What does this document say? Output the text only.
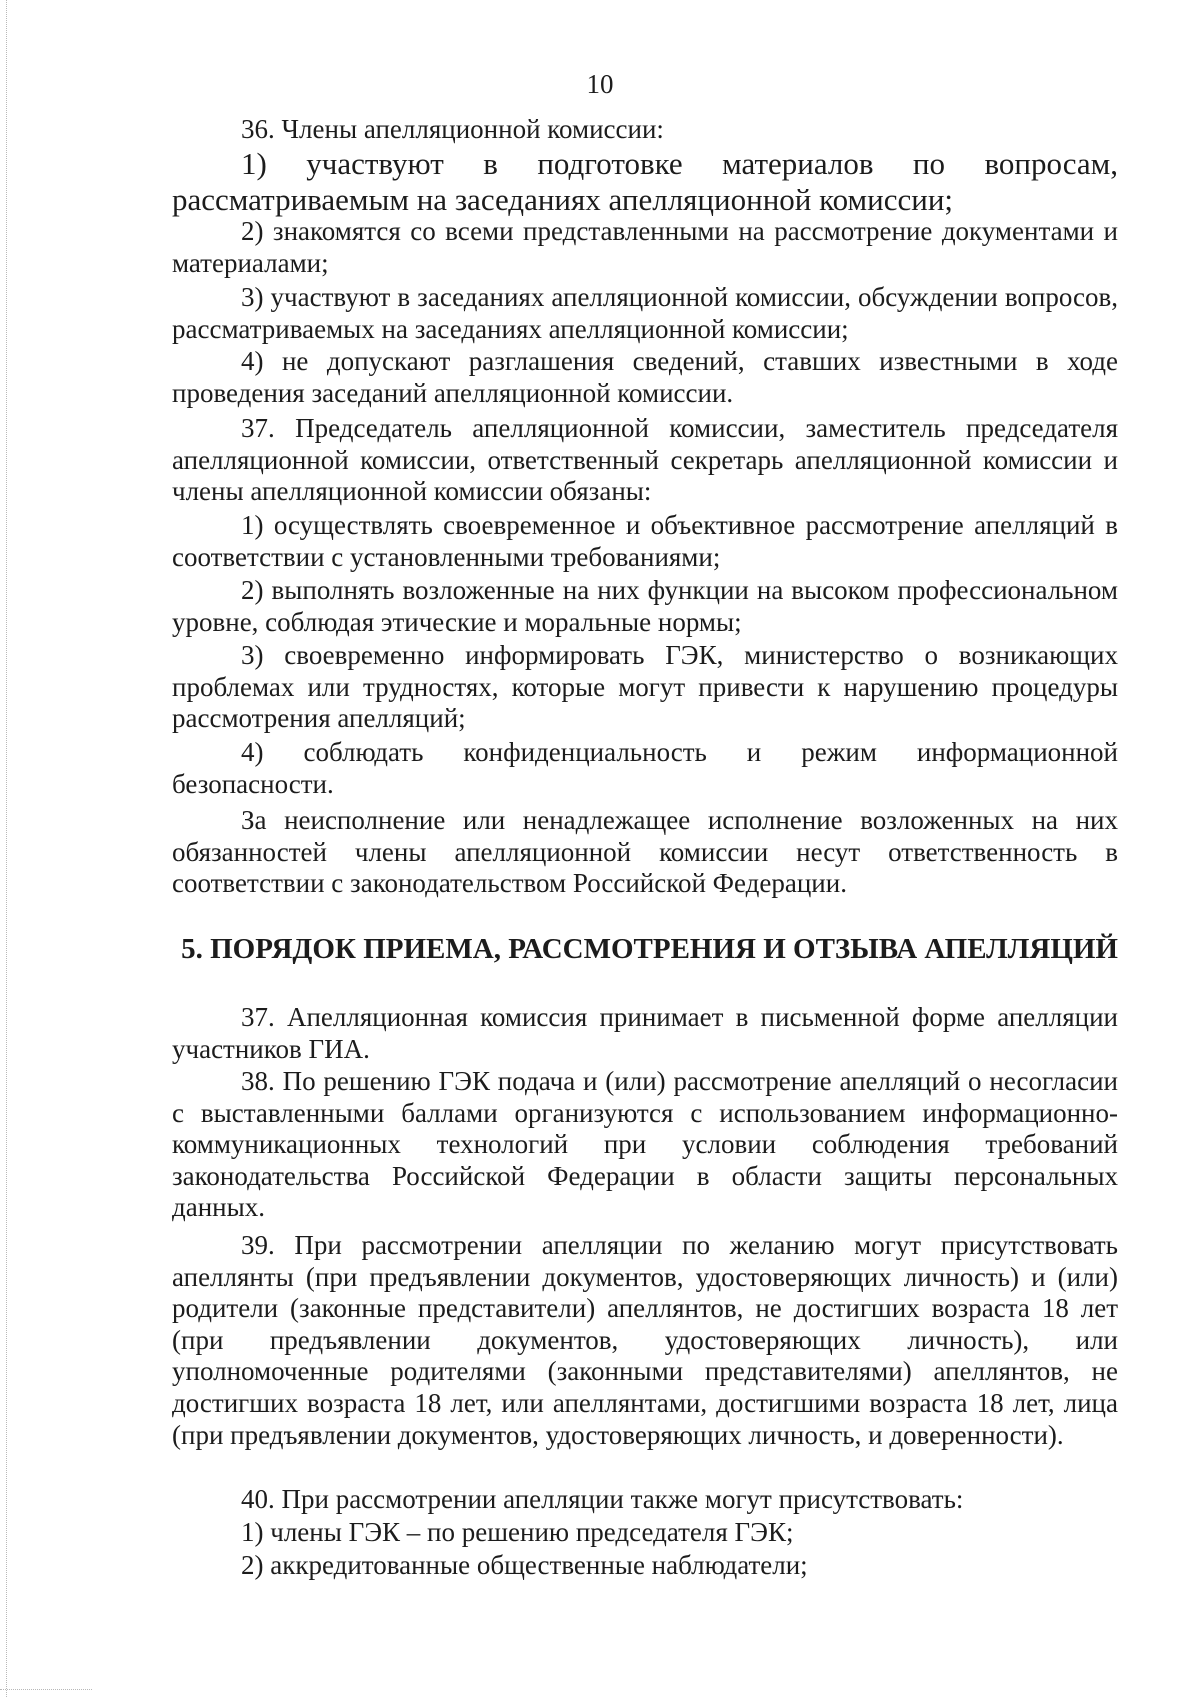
10

36. Члены апелляционной комиссии:

1) участвуют в подготовке материалов по вопросам, рассматриваемым на заседаниях апелляционной комиссии;

2) знакомятся со всеми представленными на рассмотрение документами и материалами;

3) участвуют в заседаниях апелляционной комиссии, обсуждении вопросов, рассматриваемых на заседаниях апелляционной комиссии;

4) не допускают разглашения сведений, ставших известными в ходе проведения заседаний апелляционной комиссии.

37. Председатель апелляционной комиссии, заместитель председателя апелляционной комиссии, ответственный секретарь апелляционной комиссии и члены апелляционной комиссии обязаны:

1) осуществлять своевременное и объективное рассмотрение апелляций в соответствии с установленными требованиями;

2) выполнять возложенные на них функции на высоком профессиональном уровне, соблюдая этические и моральные нормы;

3) своевременно информировать ГЭК, министерство о возникающих проблемах или трудностях, которые могут привести к нарушению процедуры рассмотрения апелляций;

4) соблюдать конфиденциальность и режим информационной безопасности.

За неисполнение или ненадлежащее исполнение возложенных на них обязанностей члены апелляционной комиссии несут ответственность в соответствии с законодательством Российской Федерации.

5. ПОРЯДОК ПРИЕМА, РАССМОТРЕНИЯ И ОТЗЫВА АПЕЛЛЯЦИЙ

37. Апелляционная комиссия принимает в письменной форме апелляции участников ГИА.

38. По решению ГЭК подача и (или) рассмотрение апелляций о несогласии с выставленными баллами организуются с использованием информационно-коммуникационных технологий при условии соблюдения требований законодательства Российской Федерации в области защиты персональных данных.

39. При рассмотрении апелляции по желанию могут присутствовать апеллянты (при предъявлении документов, удостоверяющих личность) и (или) родители (законные представители) апеллянтов, не достигших возраста 18 лет (при предъявлении документов, удостоверяющих личность), или уполномоченные родителями (законными представителями) апеллянтов, не достигших возраста 18 лет, или апеллянтами, достигшими возраста 18 лет, лица (при предъявлении документов, удостоверяющих личность, и доверенности).

40. При рассмотрении апелляции также могут присутствовать:

1) члены ГЭК – по решению председателя ГЭК;

2) аккредитованные общественные наблюдатели;
